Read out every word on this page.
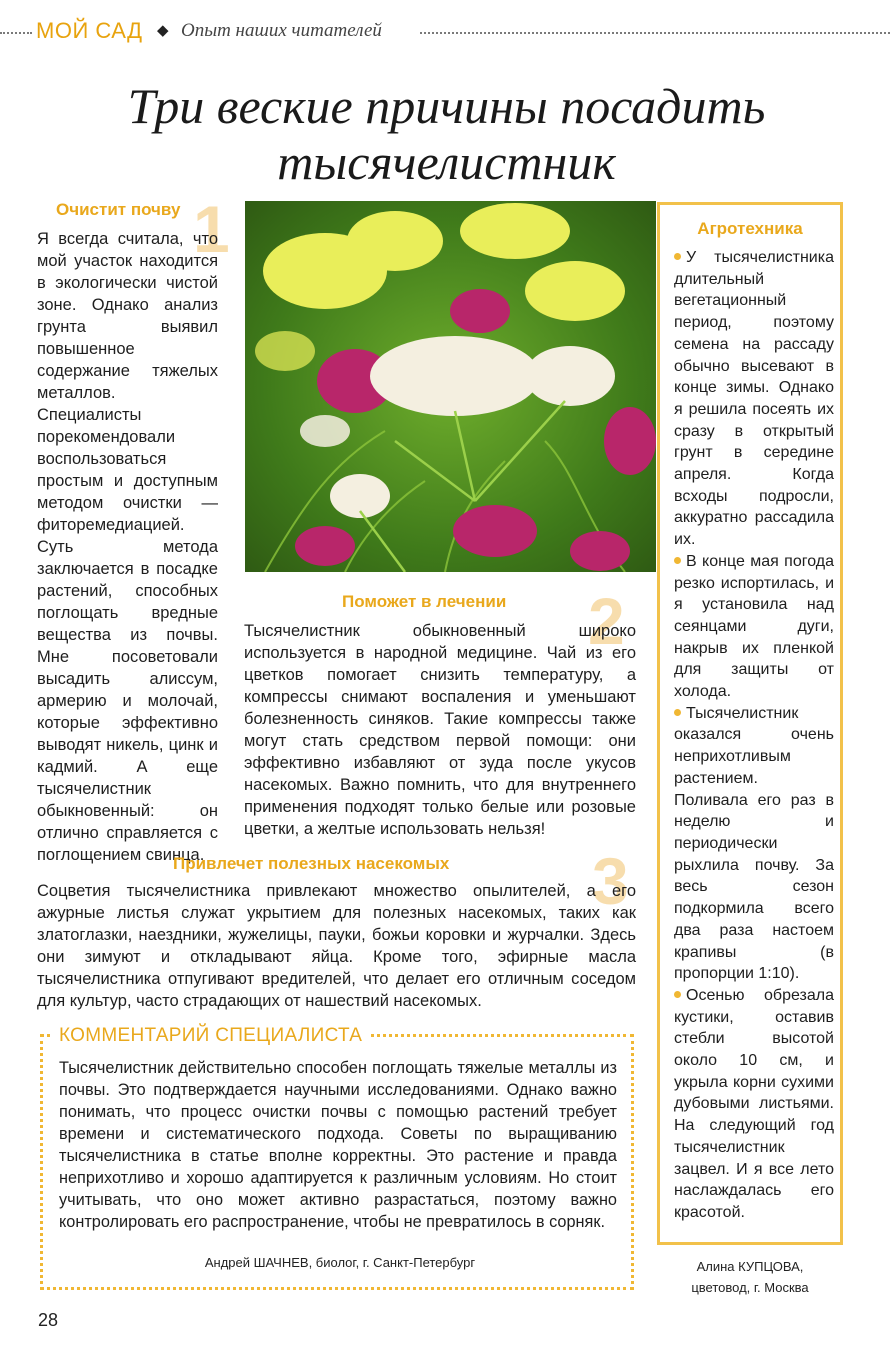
МОЙ САД ◆ Опыт наших читателей
Три веские причины посадить
тысячелистник
1
Очистит почву

Я всегда считала, что мой участок находится в экологически чистой зоне. Однако анализ грунта выявил повышенное содержание тяжелых металлов. Специалисты порекомендовали воспользоваться простым и доступным методом очистки — фиторемедиацией. Суть метода заключается в посадке растений, способных поглощать вредные вещества из почвы. Мне посоветовали высадить алиссум, армерию и молочай, которые эффективно выводят никель, цинк и кадмий. А еще тысячелистник обыкновенный: он отлично справляется с поглощением свинца.

2
Поможет в лечении

Тысячелистник обыкновенный широко используется в народной медицине. Чай из его цветков помогает снизить температуру, а компрессы снимают воспаления и уменьшают болезненность синяков. Такие компрессы также могут стать средством первой помощи: они эффективно избавляют от зуда после укусов насекомых. Важно помнить, что для внутреннего применения подходят только белые или розовые цветки, а желтые использовать нельзя!

3
Привлечет полезных насекомых

Соцветия тысячелистника привлекают множество опылителей, а его ажурные листья служат укрытием для полезных насекомых, таких как златоглазки, наездники, жужелицы, пауки, божьи коровки и журчалки. Здесь они зимуют и откладывают яйца. Кроме того, эфирные масла тысячелистника отпугивают вредителей, что делает его отличным соседом для культур, часто страдающих от нашествий насекомых.

КОММЕНТАРИЙ СПЕЦИАЛИСТА

Тысячелистник действительно способен поглощать тяжелые металлы из почвы. Это подтверждается научными исследованиями. Однако важно понимать, что процесс очистки почвы с помощью растений требует времени и систематического подхода. Советы по выращиванию тысячелистника в статье вполне корректны. Это растение и правда неприхотливо и хорошо адаптируется к различным условиям. Но стоит учитывать, что оно может активно разрастаться, поэтому важно контролировать его распространение, чтобы не превратилось в сорняк.

Андрей ШАЧНЕВ, биолог, г. Санкт-Петербург
Агротехника

У тысячелистника длительный вегетационный период, поэтому семена на рассаду обычно высевают в конце зимы. Однако я решила посеять их сразу в открытый грунт в середине апреля. Когда всходы подросли, аккуратно рассадила их.

В конце мая погода резко испортилась, и я установила над сеянцами дуги, накрыв их пленкой для защиты от холода.

Тысячелистник оказался очень неприхотливым растением. Поливала его раз в неделю и периодически рыхлила почву. За весь сезон подкормила всего два раза настоем крапивы (в пропорции 1:10).

Осенью обрезала кустики, оставив стебли высотой около 10 см, и укрыла корни сухими дубовыми листьями. На следующий год тысячелистник зацвел. И я все лето наслаждалась его красотой.

Алина КУПЦОВА,
цветовод, г. Москва
28
